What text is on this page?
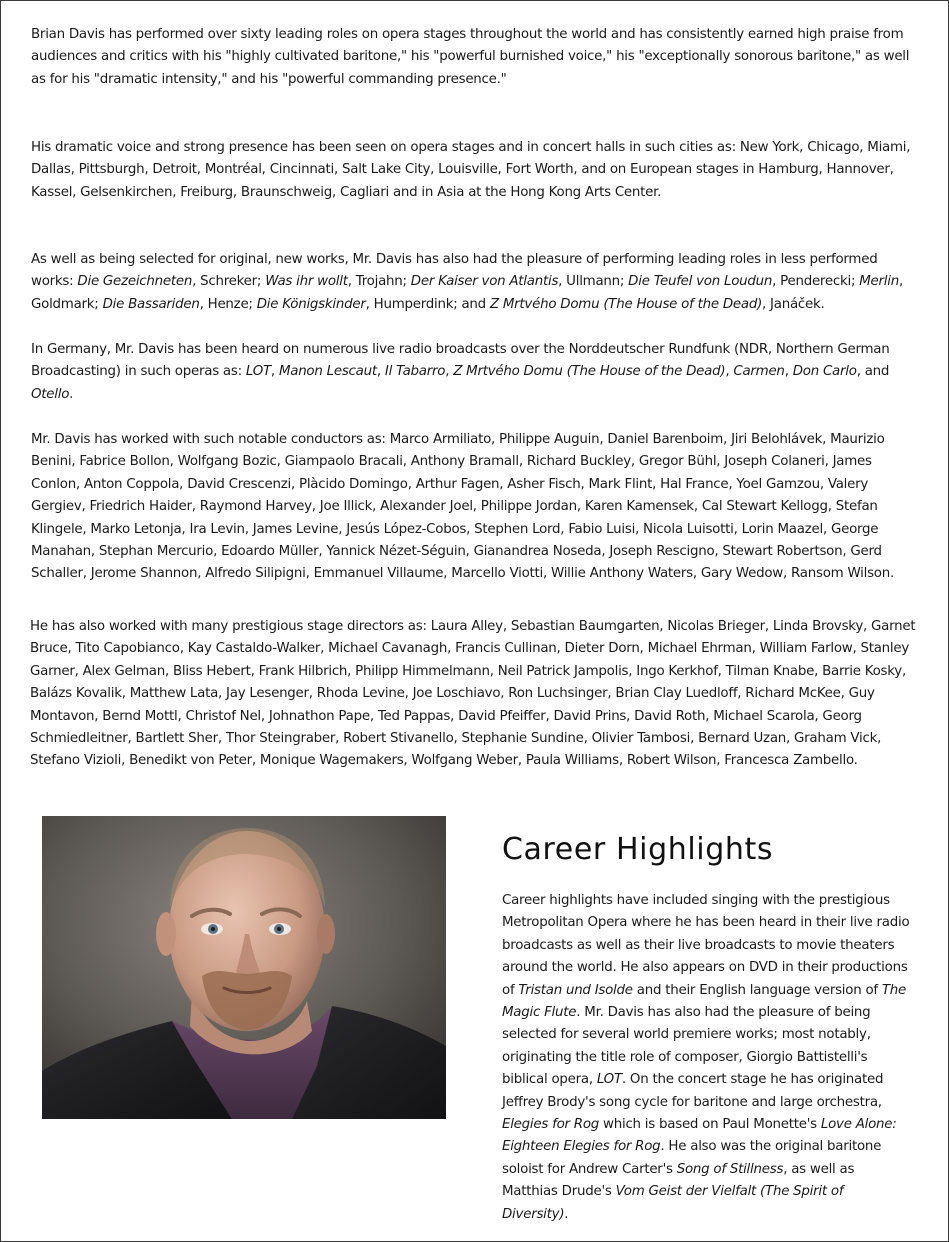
Brian Davis has performed over sixty leading roles on opera stages throughout the world and has consistently earned high praise from audiences and critics with his "highly cultivated baritone," his "powerful burnished voice," his "exceptionally sonorous baritone," as well as for his "dramatic intensity," and his "powerful commanding presence."

His dramatic voice and strong presence has been seen on opera stages and in concert halls in such cities as: New York, Chicago, Miami, Dallas, Pittsburgh, Detroit, Montréal, Cincinnati, Salt Lake City, Louisville, Fort Worth, and on European stages in Hamburg, Hannover, Kassel, Gelsenkirchen, Freiburg, Braunschweig, Cagliari and in Asia at the Hong Kong Arts Center.

As well as being selected for original, new works, Mr. Davis has also had the pleasure of performing leading roles in less performed works: Die Gezeichneten, Schreker; Was ihr wollt, Trojahn; Der Kaiser von Atlantis, Ullmann; Die Teufel von Loudun, Penderecki; Merlin, Goldmark; Die Bassariden, Henze; Die Königskinder, Humperdink; and Z Mrtvého Domu (The House of the Dead), Janáček.

In Germany, Mr. Davis has been heard on numerous live radio broadcasts over the Norddeutscher Rundfunk (NDR, Northern German Broadcasting) in such operas as: LOT, Manon Lescaut, Il Tabarro, Z Mrtvého Domu (The House of the Dead), Carmen, Don Carlo, and Otello.

Mr. Davis has worked with such notable conductors as: Marco Armiliato, Philippe Auguin, Daniel Barenboim, Jiri Belohlávek, Maurizio Benini, Fabrice Bollon, Wolfgang Bozic, Giampaolo Bracali, Anthony Bramall, Richard Buckley, Gregor Bühl, Joseph Colaneri, James Conlon, Anton Coppola, David Crescenzi, Plàcido Domingo, Arthur Fagen, Asher Fisch, Mark Flint, Hal France, Yoel Gamzou, Valery Gergiev, Friedrich Haider, Raymond Harvey, Joe Illick, Alexander Joel, Philippe Jordan, Karen Kamensek, Cal Stewart Kellogg, Stefan Klingele, Marko Letonja, Ira Levin, James Levine, Jesús López-Cobos, Stephen Lord, Fabio Luisi, Nicola Luisotti, Lorin Maazel, George Manahan, Stephan Mercurio, Edoardo Müller, Yannick Nézet-Séguin, Gianandrea Noseda, Joseph Rescigno, Stewart Robertson, Gerd Schaller, Jerome Shannon, Alfredo Silipigni, Emmanuel Villaume, Marcello Viotti, Willie Anthony Waters, Gary Wedow, Ransom Wilson.

He has also worked with many prestigious stage directors as: Laura Alley, Sebastian Baumgarten, Nicolas Brieger, Linda Brovsky, Garnet Bruce, Tito Capobianco, Kay Castaldo-Walker, Michael Cavanagh, Francis Cullinan, Dieter Dorn, Michael Ehrman, William Farlow, Stanley Garner, Alex Gelman, Bliss Hebert, Frank Hilbrich, Philipp Himmelmann, Neil Patrick Jampolis, Ingo Kerkhof, Tilman Knabe, Barrie Kosky, Balázs Kovalik, Matthew Lata, Jay Lesenger, Rhoda Levine, Joe Loschiavo, Ron Luchsinger, Brian Clay Luedloff, Richard McKee, Guy Montavon, Bernd Mottl, Christof Nel, Johnathon Pape, Ted Pappas, David Pfeiffer, David Prins, David Roth, Michael Scarola, Georg Schmiedleitner, Bartlett Sher, Thor Steingraber, Robert Stivanello, Stephanie Sundine, Olivier Tambosi, Bernard Uzan, Graham Vick, Stefano Vizioli, Benedikt von Peter, Monique Wagemakers, Wolfgang Weber, Paula Williams, Robert Wilson, Francesca Zambello.

Career Highlights

Career highlights have included singing with the prestigious Metropolitan Opera where he has been heard in their live radio broadcasts as well as their live broadcasts to movie theaters around the world. He also appears on DVD in their productions of Tristan und Isolde and their English language version of The Magic Flute. Mr. Davis has also had the pleasure of being selected for several world premiere works; most notably, originating the title role of composer, Giorgio Battistelli's biblical opera, LOT. On the concert stage he has originated Jeffrey Brody's song cycle for baritone and large orchestra, Elegies for Rog which is based on Paul Monette's Love Alone: Eighteen Elegies for Rog. He also was the original baritone soloist for Andrew Carter's Song of Stillness, as well as Matthias Drude's Vom Geist der Vielfalt (The Spirit of Diversity).
